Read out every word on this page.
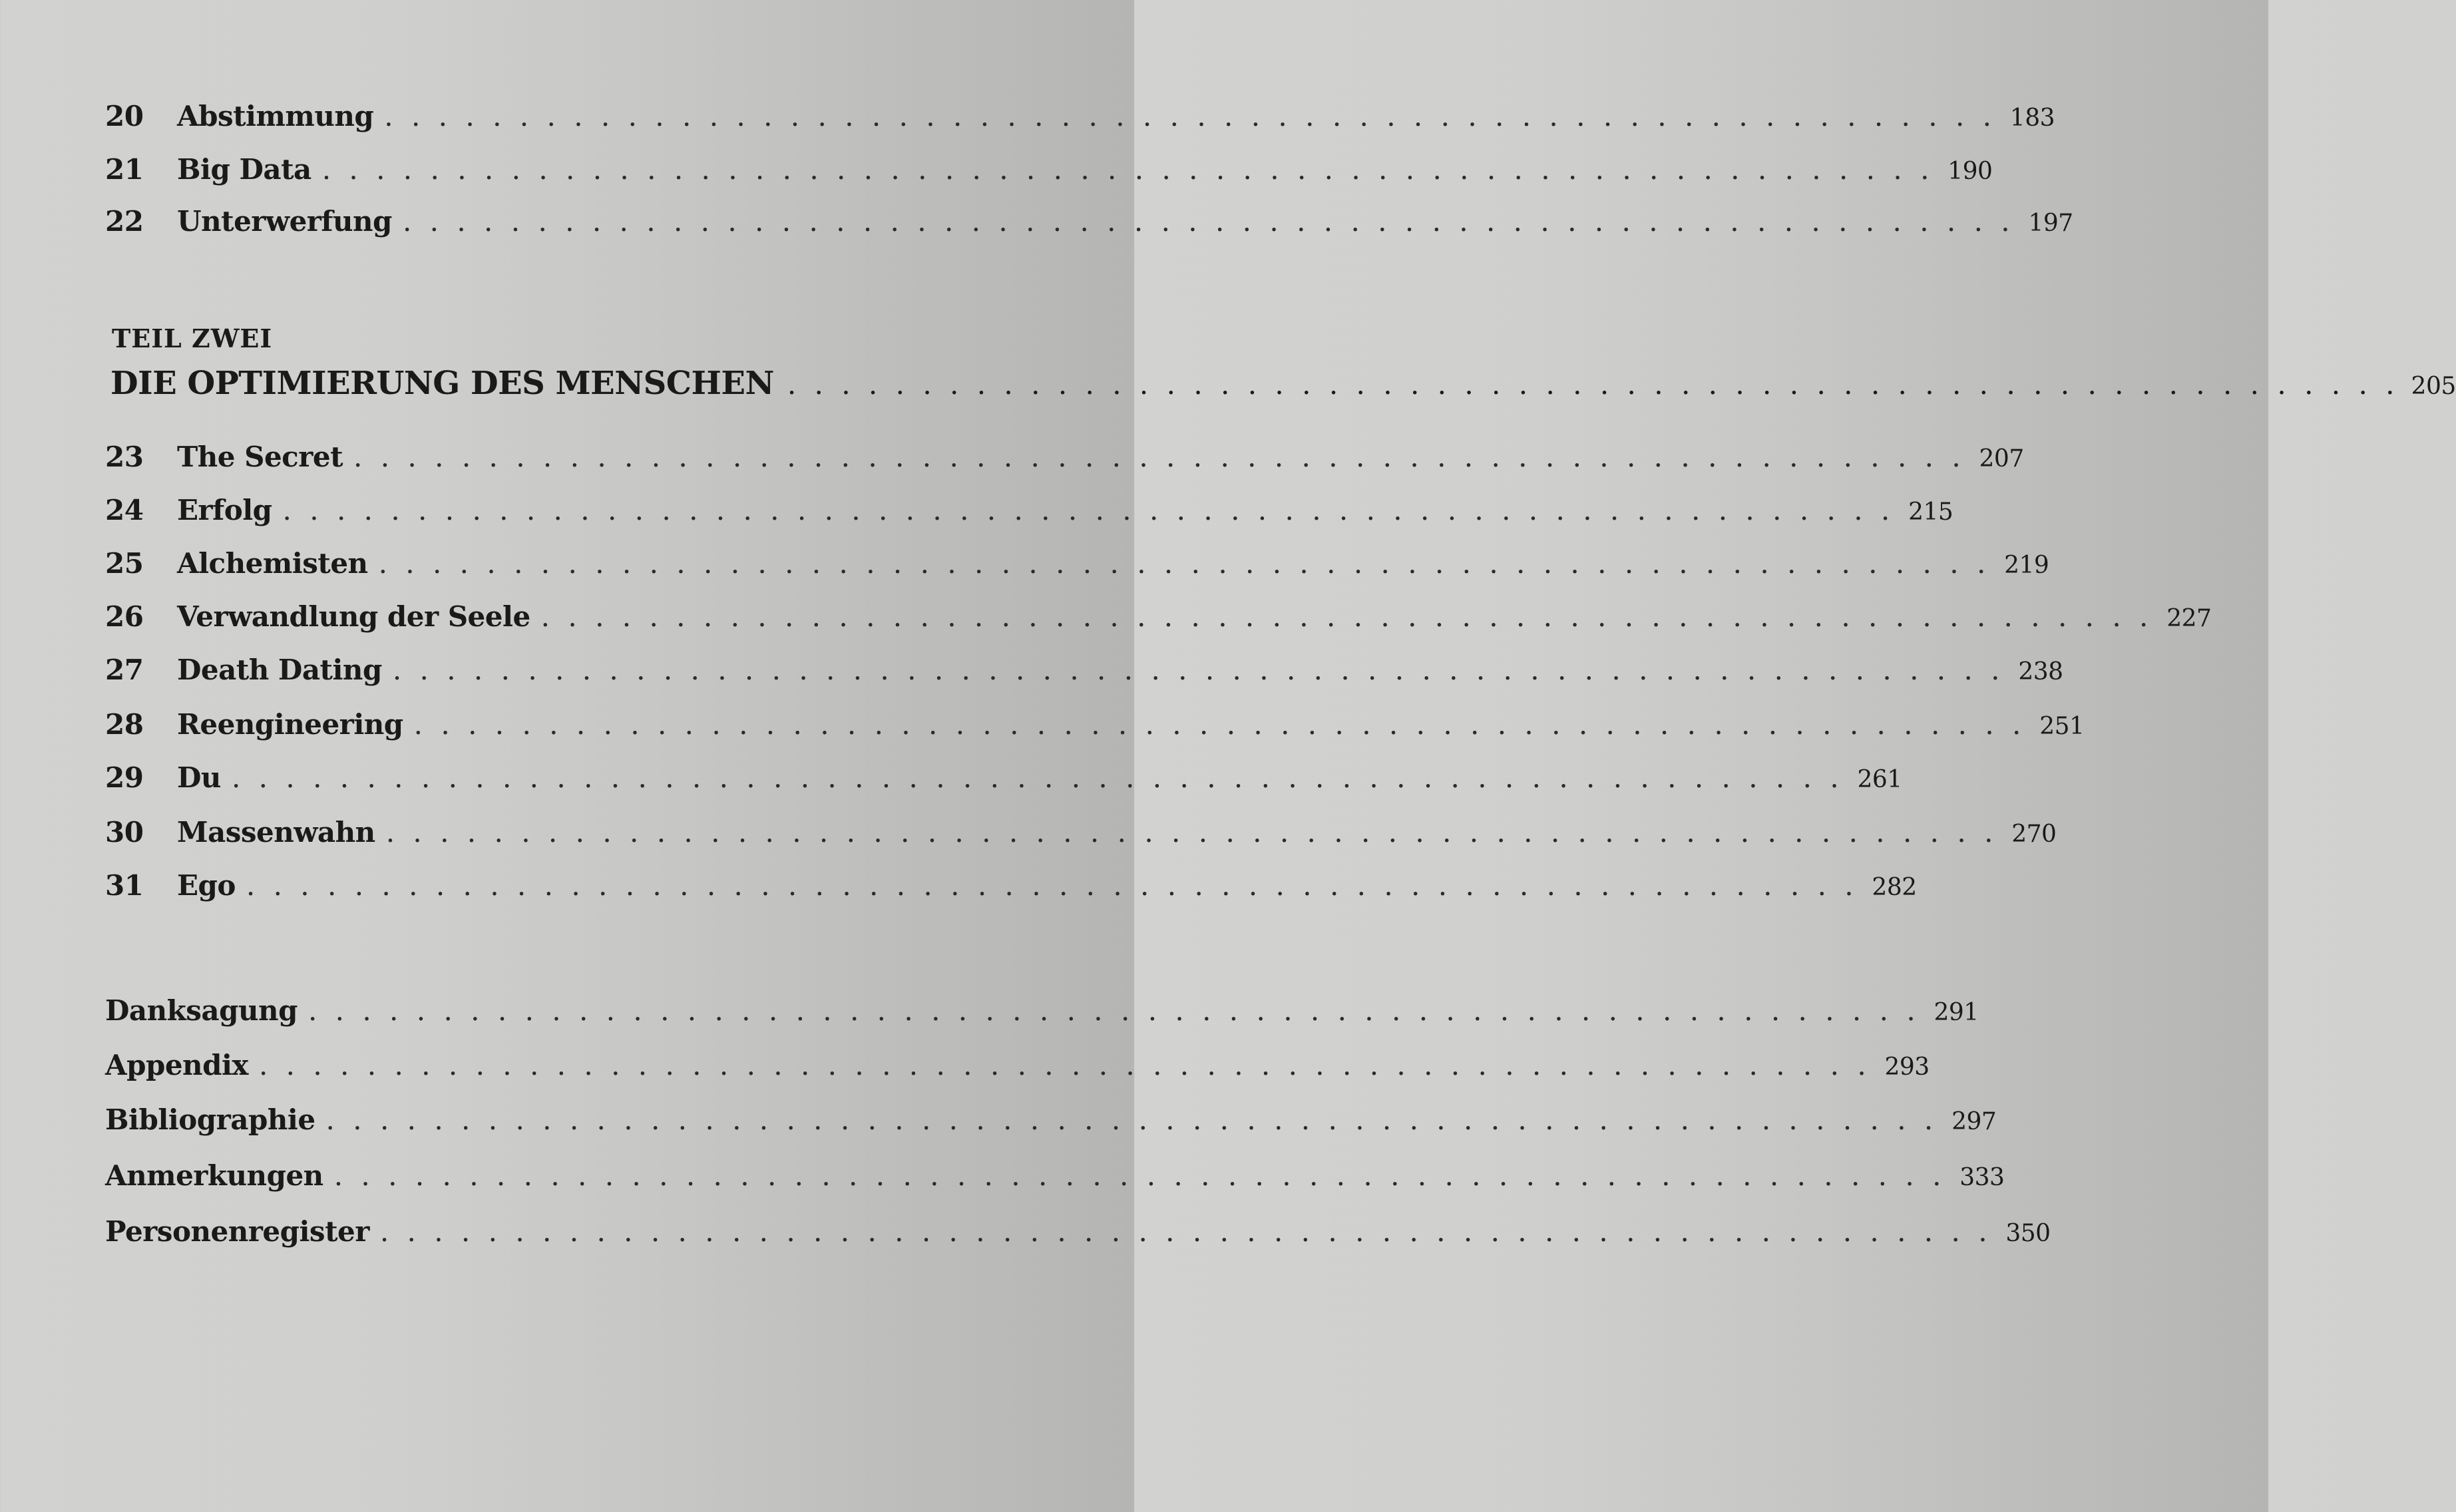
20	Abstimmung . . . . . . . . . . . . . . . . . . . . . . . . . . . . . . . . . . . . . . . . . . . . . . . . . . . . . . . . . . . . 183
21	Big Data . . . . . . . . . . . . . . . . . . . . . . . . . . . . . . . . . . . . . . . . . . . . . . . . . . . . . . . . . . . . 190
22	Unterwerfung . . . . . . . . . . . . . . . . . . . . . . . . . . . . . . . . . . . . . . . . . . . . . . . . . . . . . . . . . . . . 197
TEIL ZWEI
DIE OPTIMIERUNG DES MENSCHEN . . . . . . . . . . . . . . . . . . . . . . . . . . . . . . . . . . . . . . . . . . . . . . . . . . . . . . . . . . . . 205
23	The Secret . . . . . . . . . . . . . . . . . . . . . . . . . . . . . . . . . . . . . . . . . . . . . . . . . . . . . . . . . . . . 207
24	Erfolg . . . . . . . . . . . . . . . . . . . . . . . . . . . . . . . . . . . . . . . . . . . . . . . . . . . . . . . . . . . . 215
25	Alchemisten . . . . . . . . . . . . . . . . . . . . . . . . . . . . . . . . . . . . . . . . . . . . . . . . . . . . . . . . . . . . 219
26	Verwandlung der Seele . . . . . . . . . . . . . . . . . . . . . . . . . . . . . . . . . . . . . . . . . . . . . . . . . . . . . . . . . . . . 227
27	Death Dating . . . . . . . . . . . . . . . . . . . . . . . . . . . . . . . . . . . . . . . . . . . . . . . . . . . . . . . . . . . . 238
28	Reengineering . . . . . . . . . . . . . . . . . . . . . . . . . . . . . . . . . . . . . . . . . . . . . . . . . . . . . . . . . . . . 251
29	Du . . . . . . . . . . . . . . . . . . . . . . . . . . . . . . . . . . . . . . . . . . . . . . . . . . . . . . . . . . . . 261
30	Massenwahn . . . . . . . . . . . . . . . . . . . . . . . . . . . . . . . . . . . . . . . . . . . . . . . . . . . . . . . . . . . . 270
31	Ego . . . . . . . . . . . . . . . . . . . . . . . . . . . . . . . . . . . . . . . . . . . . . . . . . . . . . . . . . . . . 282
Danksagung . . . . . . . . . . . . . . . . . . . . . . . . . . . . . . . . . . . . . . . . . . . . . . . . . . . . . . . . . . . . 291
Appendix . . . . . . . . . . . . . . . . . . . . . . . . . . . . . . . . . . . . . . . . . . . . . . . . . . . . . . . . . . . . 293
Bibliographie . . . . . . . . . . . . . . . . . . . . . . . . . . . . . . . . . . . . . . . . . . . . . . . . . . . . . . . . . . . . 297
Anmerkungen . . . . . . . . . . . . . . . . . . . . . . . . . . . . . . . . . . . . . . . . . . . . . . . . . . . . . . . . . . . . 333
Personenregister . . . . . . . . . . . . . . . . . . . . . . . . . . . . . . . . . . . . . . . . . . . . . . . . . . . . . . . . . . . . 350
